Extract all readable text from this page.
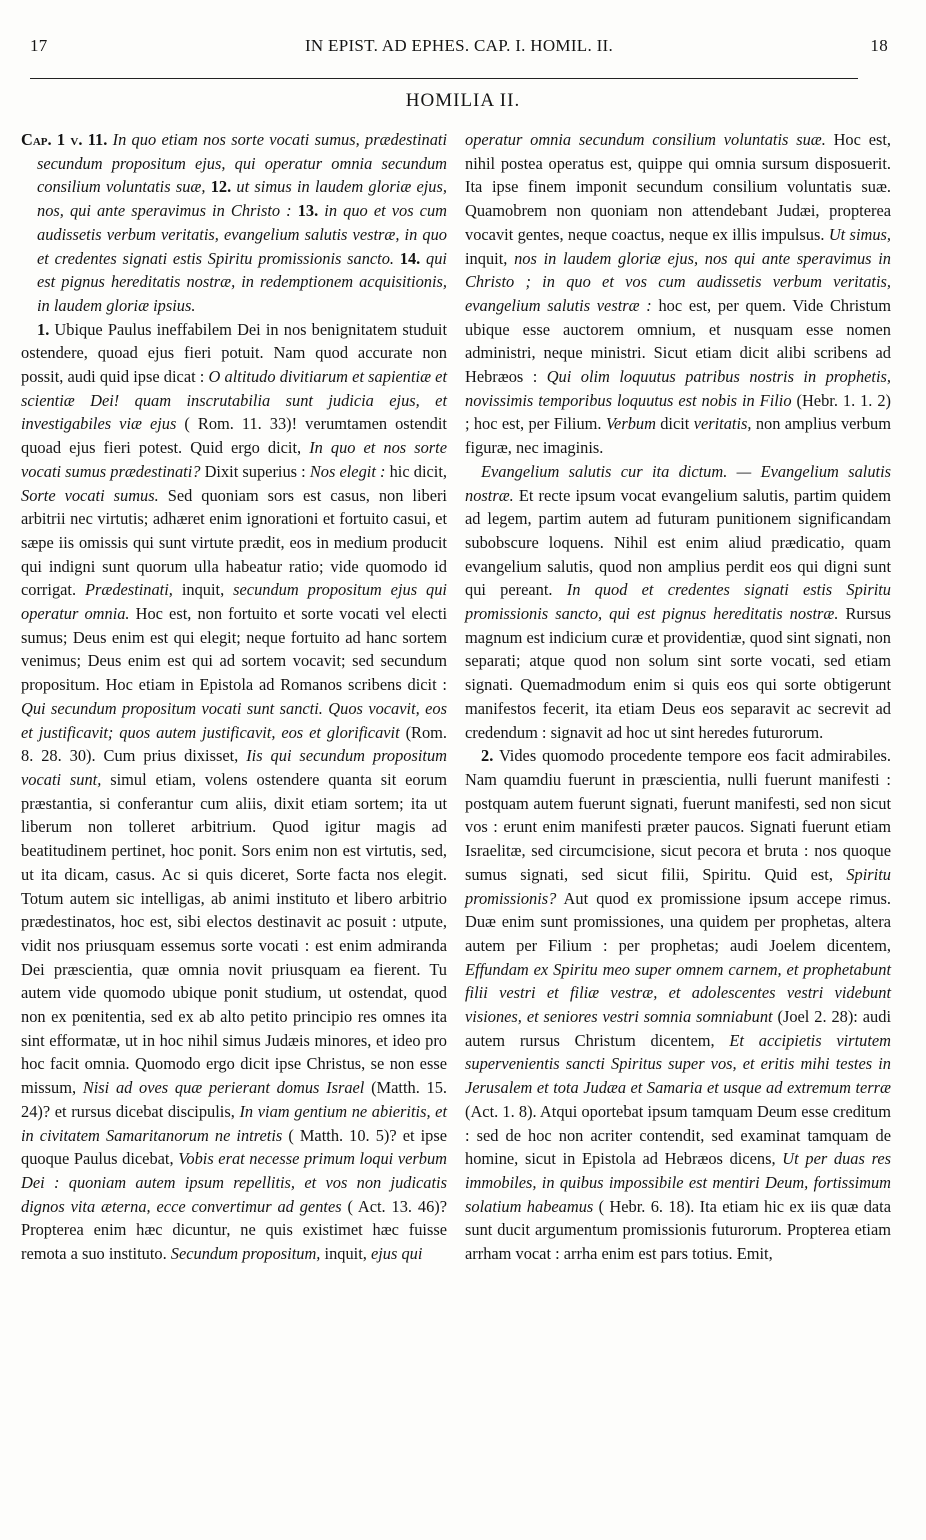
17	IN EPIST. AD EPHES. CAP. I. HOMIL. II.	18
HOMILIA II.

Cap. 1 v. 11. In quo etiam nos sorte vocati sumus, prædestinati secundum propositum ejus, qui operatur omnia secundum consilium voluntatis suæ, 12. ut simus in laudem gloriæ ejus, nos, qui ante speravimus in Christo : 13. in quo et vos cum audissetis verbum veritatis, evangelium salutis vestræ, in quo et credentes signati estis Spiritu promissionis sancto. 14. qui est pignus hereditatis nostræ, in redemptionem acquisitionis, in laudem gloriæ ipsius.

1. Ubique Paulus ineffabilem Dei in nos benignitatem studuit ostendere, quoad ejus fieri potuit. Nam quod accurate non possit, audi quid ipse dicat : O altitudo divitiarum et sapientiæ et scientiæ Dei! quam inscrutabilia sunt judicia ejus, et investigabiles viæ ejus ( Rom. 11. 33)! verumtamen ostendit quoad ejus fieri potest. Quid ergo dicit, In quo et nos sorte vocati sumus prædestinati? Dixit superius : Nos elegit : hic dicit, Sorte vocati sumus. Sed quoniam sors est casus, non liberi arbitrii nec virtutis; adhæret enim ignorationi et fortuito casui, et sæpe iis omissis qui sunt virtute prædit, eos in medium producit qui indigni sunt quorum ulla habeatur ratio; vide quomodo id corrigat. Prædestinati, inquit, secundum propositum ejus qui operatur omnia. Hoc est, non fortuito et sorte vocati vel electi sumus; Deus enim est qui elegit; neque fortuito ad hanc sortem venimus; Deus enim est qui ad sortem vocavit; sed secundum propositum. Hoc etiam in Epistola ad Romanos scribens dicit : Qui secundum propositum vocati sunt sancti. Quos vocavit, eos et justificavit; quos autem justificavit, eos et glorificavit (Rom. 8. 28. 30). Cum prius dixisset, Iis qui secundum propositum vocati sunt, simul etiam, volens ostendere quanta sit eorum præstantia, si conferantur cum aliis, dixit etiam sortem; ita ut liberum non tolleret arbitrium. Quod igitur magis ad beatitudinem pertinet, hoc ponit. Sors enim non est virtutis, sed, ut ita dicam, casus. Ac si quis diceret, Sorte facta nos elegit. Totum autem sic intelligas, ab animi instituto et libero arbitrio prædestinatos, hoc est, sibi electos destinavit ac posuit : utpute, vidit nos priusquam essemus sorte vocati : est enim admiranda Dei præscientia, quæ omnia novit priusquam ea fierent. Tu autem vide quomodo ubique ponit studium, ut ostendat, quod non ex pœnitentia, sed ex ab alto petito principio res omnes ita sint efformatæ, ut in hoc nihil simus Judæis minores, et ideo pro hoc facit omnia. Quomodo ergo dicit ipse Christus, se non esse missum, Nisi ad oves quæ perierant domus Israel (Matth. 15. 24)? et rursus dicebat discipulis, In viam gentium ne abieritis, et in civitatem Samaritanorum ne intretis ( Matth. 10. 5)? et ipse quoque Paulus dicebat, Vobis erat necesse primum loqui verbum Dei : quoniam autem ipsum repellitis, et vos non judicatis dignos vita æterna, ecce convertimur ad gentes ( Act. 13. 46)? Propterea enim hæc dicuntur, ne quis existimet hæc fuisse remota a suo instituto. Secundum propositum, inquit, ejus qui

operatur omnia secundum consilium voluntatis suæ. Hoc est, nihil postea operatus est, quippe qui omnia sursum disposuerit. Ita ipse finem imponit secundum consilium voluntatis suæ. Quamobrem non quoniam non attendebant Judæi, propterea vocavit gentes, neque coactus, neque ex illis impulsus. Ut simus, inquit, nos in laudem gloriæ ejus, nos qui ante speravimus in Christo ; in quo et vos cum audissetis verbum veritatis, evangelium salutis vestræ : hoc est, per quem. Vide Christum ubique esse auctorem omnium, et nusquam esse nomen administri, neque ministri. Sicut etiam dicit alibi scribens ad Hebræos : Qui olim loquutus patribus nostris in prophetis, novissimis temporibus loquutus est nobis in Filio (Hebr. 1. 1. 2) ; hoc est, per Filium. Verbum dicit veritatis, non amplius verbum figuræ, nec imaginis.

Evangelium salutis cur ita dictum. — Evangelium salutis nostræ. Et recte ipsum vocat evangelium salutis, partim quidem ad legem, partim autem ad futuram punitionem significandam subobscure loquens. Nihil est enim aliud prædicatio, quam evangelium salutis, quod non amplius perdit eos qui digni sunt qui pereant. In quod et credentes signati estis Spiritu promissionis sancto, qui est pignus hereditatis nostræ. Rursus magnum est indicium curæ et providentiæ, quod sint signati, non separati; atque quod non solum sint sorte vocati, sed etiam signati. Quemadmodum enim si quis eos qui sorte obtigerunt manifestos fecerit, ita etiam Deus eos separavit ac secrevit ad credendum : signavit ad hoc ut sint heredes futurorum.

2. Vides quomodo procedente tempore eos facit admirabiles. Nam quamdiu fuerunt in præscientia, nulli fuerunt manifesti : postquam autem fuerunt signati, fuerunt manifesti, sed non sicut vos : erunt enim manifesti præter paucos. Signati fuerunt etiam Israelitæ, sed circumcisione, sicut pecora et bruta : nos quoque sumus signati, sed sicut filii, Spiritu. Quid est, Spiritu promissionis? Aut quod ex promissione ipsum accepe rimus. Duæ enim sunt promissiones, una quidem per prophetas, altera autem per Filium : per prophetas; audi Joelem dicentem, Effundam ex Spiritu meo super omnem carnem, et prophetabunt filii vestri et filiæ vestræ, et adolescentes vestri videbunt visiones, et seniores vestri somnia somniabunt (Joel 2. 28): audi autem rursus Christum dicentem, Et accipietis virtutem supervenientis sancti Spiritus super vos, et eritis mihi testes in Jerusalem et tota Judæa et Samaria et usque ad extremum terræ (Act. 1. 8). Atqui oportebat ipsum tamquam Deum esse creditum : sed de hoc non acriter contendit, sed examinat tamquam de homine, sicut in Epistola ad Hebræos dicens, Ut per duas res immobiles, in quibus impossibile est mentiri Deum, fortissimum solatium habeamus ( Hebr. 6. 18). Ita etiam hic ex iis quæ data sunt ducit argumentum promissionis futurorum. Propterea etiam arrham vocat : arrha enim est pars totius. Emit,
